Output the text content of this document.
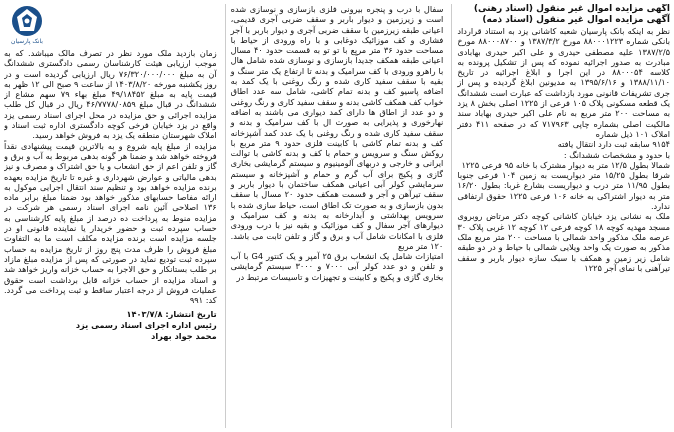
آگهی مزایده اموال غیر منقول (اسناد رهنی)

آگهی مزایده اموال غیر منقول (اسناد ذمه)

نظر به اینکه بانک پارسیان شعبه کاشانی یزد به استناد قرارداد بانکی شماره ۸۸۰۰۰۱۲۲۳ مورخ ۱۳۸۷/۳/۲ و ۸۸۰۰۰۸۷۰۰ مورخ ۱۳۸۷/۲/۵ علیه مصطفی حیدری و علی اکبر حیدری بهابادی مبادرت به صدور اجرائیه نموده که پس از تشکیل پرونده به کلاسه ۸۸۰۰۰۵۴ در این اجرا و ابلاغ اجرائیه در تاریخ ۱۳۸۸/۱۱/۱۰ و ۱۳۹۵/۶/۱۶ به مدیونین ابلاغ گردیده و پس از جری تشریفات قانونی مورد بازداشت که عبارت است ششدانگ یک قطعه مسکونی پلاک ۱۰۵ فرعی از ۱۲۲۵ اصلی بخش ۸ یزد به مساحت ۲۰۰ متر مربع به نام علی اکبر حیدری بهاباد سند مالکیت اصلی بشماره چاپی ۷۱۷۹۶۳ که در صفحه ۴۱۱ دفتر املاک ۱۰۱ ذیل شماره

۹۱۵۴ سابقه ثبت دارد انتقال یافته

با حدود و مشخصات ششدانگ :

شمالا بطول ۱۲/۵ متر به دیوار مشترک با خانه ۹۵ فرعی ۱۲۲۵

شرقا بطول ۱۵/۲۵ متر دیواریست به زمین ۱۰۴ فرعی جنوبا بطول ۱۱/۹۵ متر درب و دیواریست بشارع غربا: بطول ۱۶/۲۰ متر به دیوار اشتراکی به خانه ۱۰۶ فرعی ۱۲۲۵ حقوق ارتفاقی ندارد.

ملک به نشانی یزد خیابان کاشانی کوچه دکتر مرتاض روبروی مسجد مهدیه کوچه ۱۸ کوچه فرعی ۱۲ کوچه ۱۲ غربی پلاک ۳۰ عرصه ملک مذکور واحد شمالی با مساحت ۲۰۰ متر مربع ملک مذکور به صورت یک واحد ویلایی شمالی با حیاط و در دو طبقه شامل زیر زمین و همکف با سبک سازه دیوار باربر و سقف تیرآهنی با نمای آجر ۱۲۲۵

سفال با درب و پنجره بیرونی فلزی بازسازی و نوسازی شده است و زیرزمین و دیوار باربر و سقف ضربی آجری قدیمی، اعیانی طبقه زیرزمین با سقف ضربی آجری و دیوار باربر با آجر فشاری و کف موزائیک دوغابی و با راه ورودی از حیاط با مساحت حدود ۳۶ متر مربع با تو تو به قسمت حدود ۴۰ مسال اعیانی طبقه همکف جدیداً بازسازی و نوسازی شده شامل هال با راهرو ورودی با کف سرامیک و بدنه تا ارتفاع یک متر سنگ و بقیه با سقف سفید کاری شده و رنگ روغنی با یک کمد به اضافه پاسیو کف و بدنه تمام کاشی، شامل سه عدد اطاق خواب کف همکف کاشی بدنه و سقف سفید کاری و رنگ روغنی و دو عدد از اطاق ها دارای کمد دیواری می باشند به اضافه نهارخوری و پذیرایی به صورت ال با کف سرامیک و بدنه و سقف سفید کاری شده و رنگ روغنی با یک عدد کمد آشپزخانه کف و بدنه تمام کاشی با کابینت فلزی حدود ۹ متر مربع با روکش سنگ و سرویس و حمام با کف و بدنه کاشی با توالت ایرانی و خارجی و دربهای آلومینیوم و سیستم گرمایشی بخاری گازی و پکیج برای آب گرم و حمام و آشپزخانه و سیستم سرمایشی کولر آبی اعیانی همکف ساختمان با دیوار باربر و سقف تیرآهن و آجر و قسمت همکف حدود ۲۰ مسال با سقف بدون بازسازی و به صورت تک اطاق است، حیاط سازی شده با سرویس بهداشتی و آبدارخانه به بدنه و کف سرامیک و دیوارهای آجر سفال و کف موزائیک و بقیه نیز با درب ورودی فلزی با امکانات شامل آب و برق و گاز و تلفن ثابت می باشد. ۱۲۰ متر مربع

امتیازات شامل یک انشعاب برق ۲۵ آمپر و یک کنتور G4 با آب و تلفن و دو عدد کولر آبی ۷۰۰۰ و ۳۰۰۰ سیستم گرمایشی بخاری گازی و پکیج و کابینت و تجهیزات و تاسیسات مرتبط در

زمان بازدید ملک مورد نظر در تصرف مالک میباشد. که به موجب ارزیابی هیئت کارشناسان رسمی دادگستری ششدانگ آن به مبلغ ۷۶/۳۲۰/۰۰۰/۰۰۰ ریال ارزیابی گردیده است و در روز یکشنبه مورخه ۱۴۰۳/۸/۲۰ از ساعت ۹ صبح الی ۱۲ ظهر به قیمت پایه به مبلغ ۴۹/۱۸۴۵۲ مبلغ بهاء ۷۹ سهم مشاع از ششدانگ در قبال مبلغ ۴۶/۷۷۷۸/۰۸۵۹ ریال در قبال کل طلب مزایده اجرائی و حق مزایده در محل اجرای اسناد رسمی یزد واقع در یزد خیابان فرخی کوچه دادگستری اداره ثبت اسناد و املاک شهرستان منطقه یک یزد به فروش خواهد رسید.

مزایده از مبلغ پایه شروع و به بالاترین قیمت پیشنهادی نقداً فروخته خواهد شد و ضمنا هر گونه بدهی مربوط به آب و برق و گاز و تلفن اعم از حق انشعاب و یا حق اشتراک و مصرف و نیز بدهی مالیاتی و عوارض شهرداری و غیره تا تاریخ مزایده بعهده برنده مزایده خواهد بود و تنظیم سند انتقال اجرایی موکول به ارائه مفاصا حسابهای مذکور خواهد بود ضمنا مبلغ برابر ماده ۱۳۶ اصلاحی آئین نامه اجرای اسناد رسمی هر شرکت در مزایده منوط به پرداخت ده درصد از مبلغ پایه کارشناسی به حساب سپرده ثبت و حضور خریدار یا نماینده قانونی او در جلسه مزایده است برنده مزایده مکلف است ما به التفاوت مبلغ فروش را ظرف مدت پنج روز از تاریخ مزایده به حساب سپرده ثبت تودیع نماید در صورتی که پس از مزایده مبلغ مازاد بر طلب بستانکار و حق الاجرا به حساب خزانه واریز خواهد شد و اسناد مزایده از حساب خزانه قابل برداشت است حقوق عملیات فروش از درجه اعتبار ساقط و ثبت پرداخت می گردد. کد: ۹۹۱

تاریخ انتشار: ۱۴۰۳/۷/۸
رئیس اداره اجرای اسناد رسمی یزد
محمد جواد بهراد
بانک پارسیان
